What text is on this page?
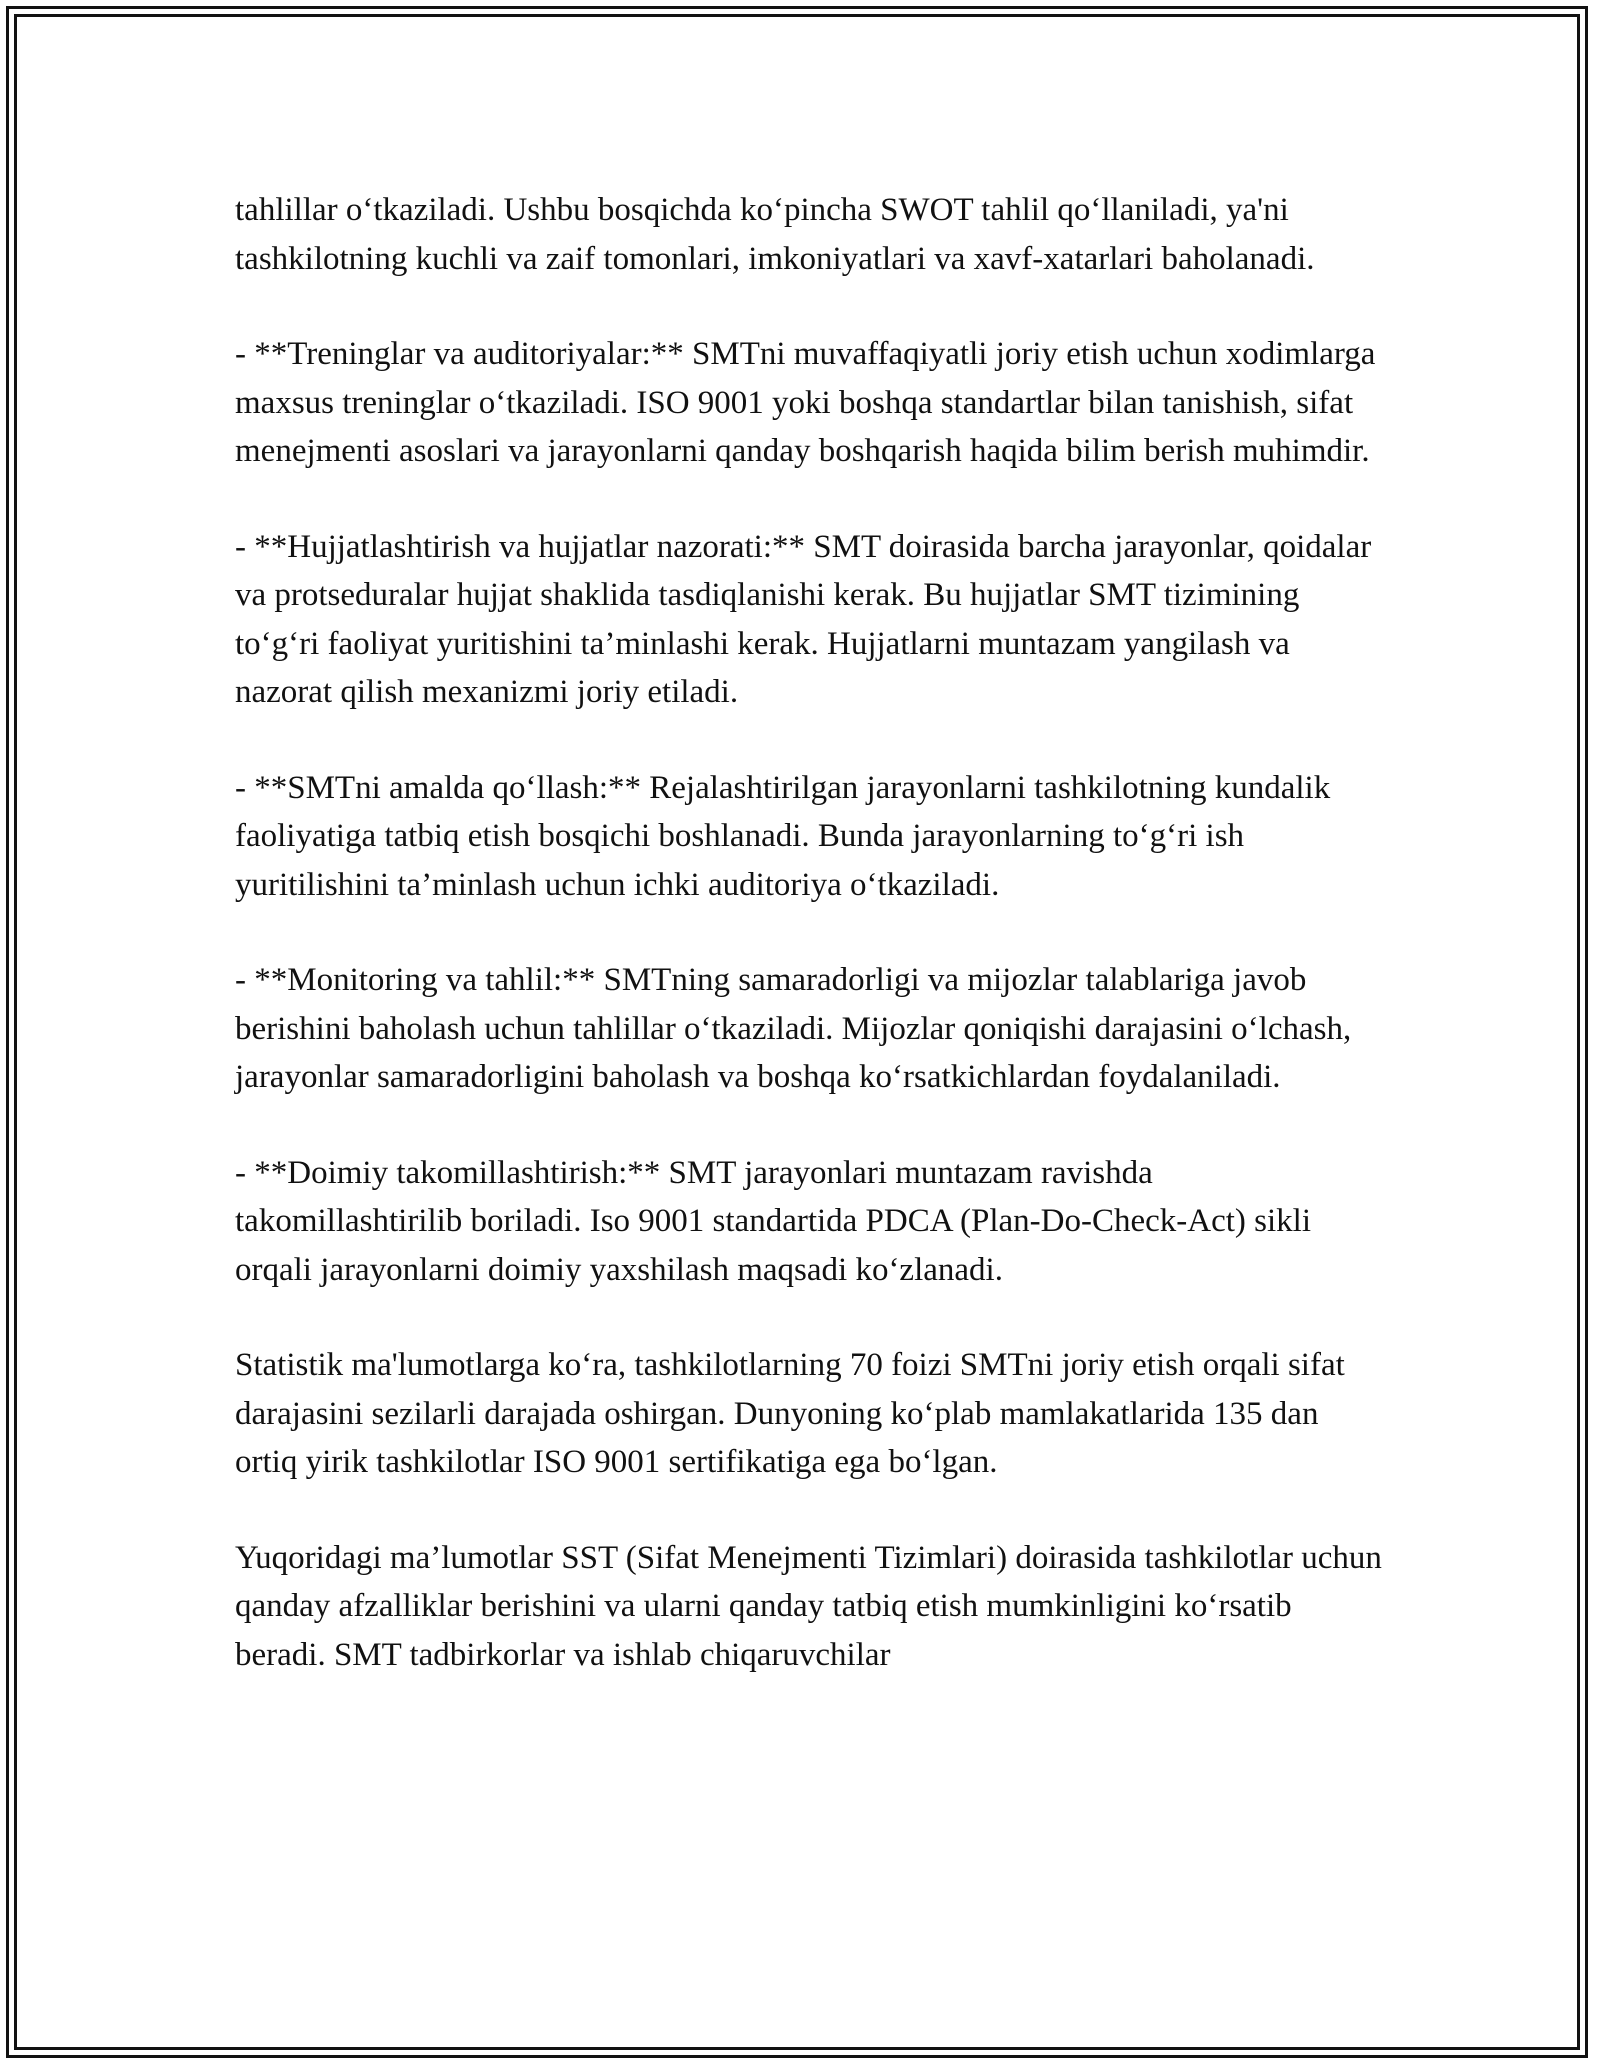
tahlillar o‘tkaziladi. Ushbu bosqichda ko‘pincha SWOT tahlil qo‘llaniladi, ya'ni tashkilotning kuchli va zaif tomonlari, imkoniyatlari va xavf-xatarlari baholanadi.

- **Treninglar va auditoriyalar:** SMTni muvaffaqiyatli joriy etish uchun xodimlarga maxsus treninglar o‘tkaziladi. ISO 9001 yoki boshqa standartlar bilan tanishish, sifat menejmenti asoslari va jarayonlarni qanday boshqarish haqida bilim berish muhimdir.

- **Hujjatlashtirish va hujjatlar nazorati:** SMT doirasida barcha jarayonlar, qoidalar va protseduralar hujjat shaklida tasdiqlanishi kerak. Bu hujjatlar SMT tizimining to‘g‘ri faoliyat yuritishini ta’minlashi kerak. Hujjatlarni muntazam yangilash va nazorat qilish mexanizmi joriy etiladi.

- **SMTni amalda qo‘llash:** Rejalashtirilgan jarayonlarni tashkilotning kundalik faoliyatiga tatbiq etish bosqichi boshlanadi. Bunda jarayonlarning to‘g‘ri ish yuritilishini ta’minlash uchun ichki auditoriya o‘tkaziladi.

- **Monitoring va tahlil:** SMTning samaradorligi va mijozlar talablariga javob berishini baholash uchun tahlillar o‘tkaziladi. Mijozlar qoniqishi darajasini o‘lchash, jarayonlar samaradorligini baholash va boshqa ko‘rsatkichlardan foydalaniladi.

- **Doimiy takomillashtirish:** SMT jarayonlari muntazam ravishda takomillashtirilib boriladi. Iso 9001 standartida PDCA (Plan-Do-Check-Act) sikli orqali jarayonlarni doimiy yaxshilash maqsadi ko‘zlanadi.

Statistik ma'lumotlarga ko‘ra, tashkilotlarning 70 foizi SMTni joriy etish orqali sifat darajasini sezilarli darajada oshirgan. Dunyoning ko‘plab mamlakatlarida 135 dan ortiq yirik tashkilotlar ISO 9001 sertifikatiga ega bo‘lgan.

Yuqoridagi ma’lumotlar SST (Sifat Menejmenti Tizimlari) doirasida tashkilotlar uchun qanday afzalliklar berishini va ularni qanday tatbiq etish mumkinligini ko‘rsatib beradi. SMT tadbirkorlar va ishlab chiqaruvchilar
